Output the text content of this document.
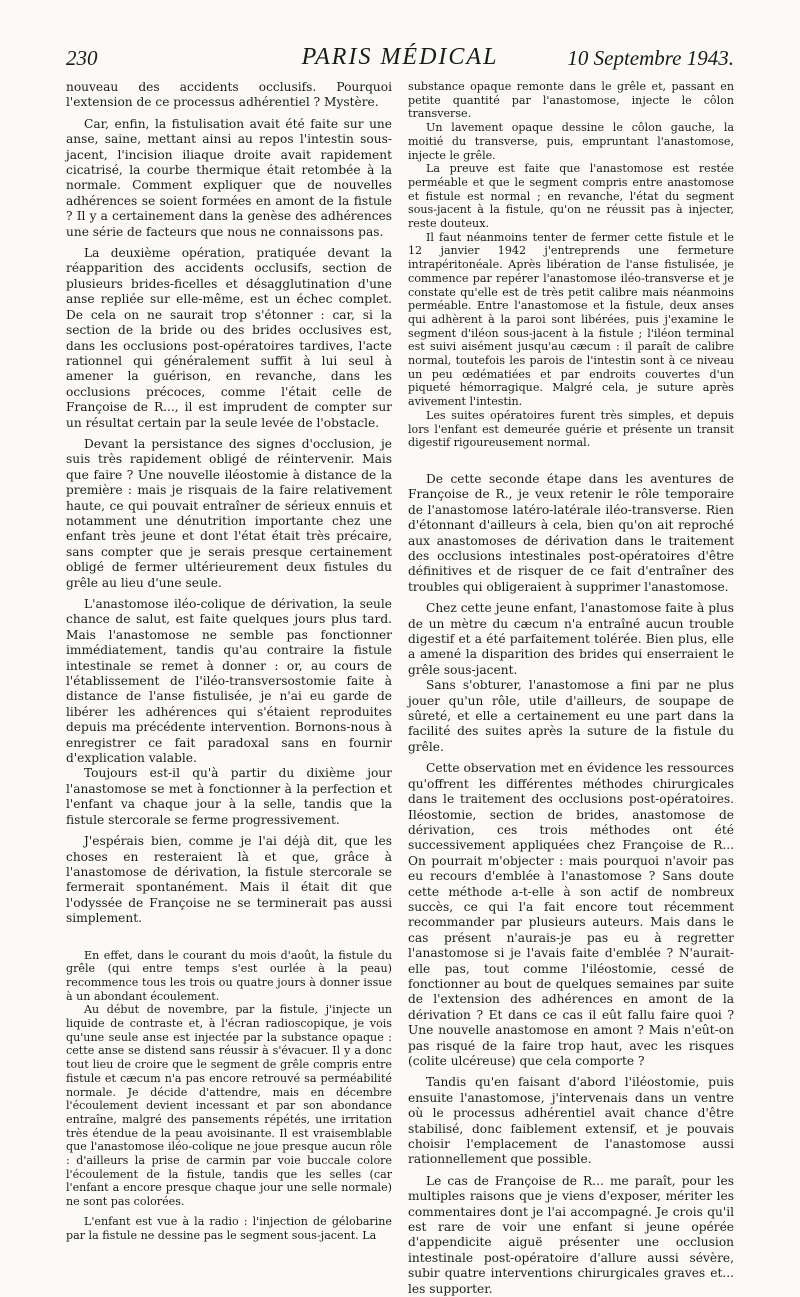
230	PARIS MÉDICAL	10 Septembre 1943.

nouveau des accidents occlusifs. Pourquoi l'extension de ce processus adhérentiel ? Mystère.

Car, enfin, la fistulisation avait été faite sur une anse, saine, mettant ainsi au repos l'intestin sous-jacent, l'incision iliaque droite avait rapidement cicatrisé, la courbe thermique était retombée à la normale. Comment expliquer que de nouvelles adhérences se soient formées en amont de la fistule ? Il y a certainement dans la genèse des adhérences une série de facteurs que nous ne connaissons pas.

La deuxième opération, pratiquée devant la réapparition des accidents occlusifs, section de plusieurs brides-ficelles et désagglutination d'une anse repliée sur elle-même, est un échec complet. De cela on ne saurait trop s'étonner : car, si la section de la bride ou des brides occlusives est, dans les occlusions post-opératoires tardives, l'acte rationnel qui généralement suffit à lui seul à amener la guérison, en revanche, dans les occlusions précoces, comme l'était celle de Françoise de R..., il est imprudent de compter sur un résultat certain par la seule levée de l'obstacle.

Devant la persistance des signes d'occlusion, je suis très rapidement obligé de réintervenir. Mais que faire ? Une nouvelle iléostomie à distance de la première : mais je risquais de la faire relativement haute, ce qui pouvait entraîner de sérieux ennuis et notamment une dénutrition importante chez une enfant très jeune et dont l'état était très précaire, sans compter que je serais presque certainement obligé de fermer ultérieurement deux fistules du grêle au lieu d'une seule.

L'anastomose iléo-colique de dérivation, la seule chance de salut, est faite quelques jours plus tard. Mais l'anastomose ne semble pas fonctionner immédiatement, tandis qu'au contraire la fistule intestinale se remet à donner : or, au cours de l'établissement de l'iléo-transversostomie faite à distance de l'anse fistulisée, je n'ai eu garde de libérer les adhérences qui s'étaient reproduites depuis ma précédente intervention. Bornons-nous à enregistrer ce fait paradoxal sans en fournir d'explication valable.

Toujours est-il qu'à partir du dixième jour l'anastomose se met à fonctionner à la perfection et l'enfant va chaque jour à la selle, tandis que la fistule stercorale se ferme progressivement.

J'espérais bien, comme je l'ai déjà dit, que les choses en resteraient là et que, grâce à l'anastomose de dérivation, la fistule stercorale se fermerait spontanément. Mais il était dit que l'odyssée de Françoise ne se terminerait pas aussi simplement.

En effet, dans le courant du mois d'août, la fistule du grêle (qui entre temps s'est ourlée à la peau) recommence tous les trois ou quatre jours à donner issue à un abondant écoulement.

Au début de novembre, par la fistule, j'injecte un liquide de contraste et, à l'écran radioscopique, je vois qu'une seule anse est injectée par la substance opaque : cette anse se distend sans réussir à s'évacuer. Il y a donc tout lieu de croire que le segment de grêle compris entre fistule et cæcum n'a pas encore retrouvé sa perméabilité normale. Je décide d'attendre, mais en décembre l'écoulement devient incessant et par son abondance entraîne, malgré des pansements répétés, une irritation très étendue de la peau avoisinante. Il est vraisemblable que l'anastomose iléo-colique ne joue presque aucun rôle : d'ailleurs la prise de carmin par voie buccale colore l'écoulement de la fistule, tandis que les selles (car l'enfant a encore presque chaque jour une selle normale) ne sont pas colorées.

L'enfant est vue à la radio : l'injection de gélobarine par la fistule ne dessine pas le segment sous-jacent. La

substance opaque remonte dans le grêle et, passant en petite quantité par l'anastomose, injecte le côlon transverse.

Un lavement opaque dessine le côlon gauche, la moitié du transverse, puis, empruntant l'anastomose, injecte le grêle.

La preuve est faite que l'anastomose est restée perméable et que le segment compris entre anastomose et fistule est normal ; en revanche, l'état du segment sous-jacent à la fistule, qu'on ne réussit pas à injecter, reste douteux.

Il faut néanmoins tenter de fermer cette fistule et le 12 janvier 1942 j'entreprends une fermeture intrapéritonéale. Après libération de l'anse fistulisée, je commence par repérer l'anastomose iléo-transverse et je constate qu'elle est de très petit calibre mais néanmoins perméable. Entre l'anastomose et la fistule, deux anses qui adhèrent à la paroi sont libérées, puis j'examine le segment d'iléon sous-jacent à la fistule ; l'iléon terminal est suivi aisément jusqu'au cæcum : il paraît de calibre normal, toutefois les parois de l'intestin sont à ce niveau un peu œdématiées et par endroits couvertes d'un piqueté hémorragique. Malgré cela, je suture après avivement l'intestin.

Les suites opératoires furent très simples, et depuis lors l'enfant est demeurée guérie et présente un transit digestif rigoureusement normal.

De cette seconde étape dans les aventures de Françoise de R., je veux retenir le rôle temporaire de l'anastomose latéro-latérale iléo-transverse. Rien d'étonnant d'ailleurs à cela, bien qu'on ait reproché aux anastomoses de dérivation dans le traitement des occlusions intestinales post-opératoires d'être définitives et de risquer de ce fait d'entraîner des troubles qui obligeraient à supprimer l'anastomose.

Chez cette jeune enfant, l'anastomose faite à plus de un mètre du cæcum n'a entraîné aucun trouble digestif et a été parfaitement tolérée. Bien plus, elle a amené la disparition des brides qui enserraient le grêle sous-jacent.

Sans s'obturer, l'anastomose a fini par ne plus jouer qu'un rôle, utile d'ailleurs, de soupape de sûreté, et elle a certainement eu une part dans la facilité des suites après la suture de la fistule du grêle.

Cette observation met en évidence les ressources qu'offrent les différentes méthodes chirurgicales dans le traitement des occlusions post-opératoires. Iléostomie, section de brides, anastomose de dérivation, ces trois méthodes ont été successivement appliquées chez Françoise de R... On pourrait m'objecter : mais pourquoi n'avoir pas eu recours d'emblée à l'anastomose ? Sans doute cette méthode a-t-elle à son actif de nombreux succès, ce qui l'a fait encore tout récemment recommander par plusieurs auteurs. Mais dans le cas présent n'aurais-je pas eu à regretter l'anastomose si je l'avais faite d'emblée ? N'aurait-elle pas, tout comme l'iléostomie, cessé de fonctionner au bout de quelques semaines par suite de l'extension des adhérences en amont de la dérivation ? Et dans ce cas il eût fallu faire quoi ? Une nouvelle anastomose en amont ? Mais n'eût-on pas risqué de la faire trop haut, avec les risques (colite ulcéreuse) que cela comporte ?

Tandis qu'en faisant d'abord l'iléostomie, puis ensuite l'anastomose, j'intervenais dans un ventre où le processus adhérentiel avait chance d'être stabilisé, donc faiblement extensif, et je pouvais choisir l'emplacement de l'anastomose aussi rationnellement que possible.

Le cas de Françoise de R... me paraît, pour les multiples raisons que je viens d'exposer, mériter les commentaires dont je l'ai accompagné. Je crois qu'il est rare de voir une enfant si jeune opérée d'appendicite aiguë présenter une occlusion intestinale post-opératoire d'allure aussi sévère, subir quatre interventions chirurgicales graves et... les supporter.
